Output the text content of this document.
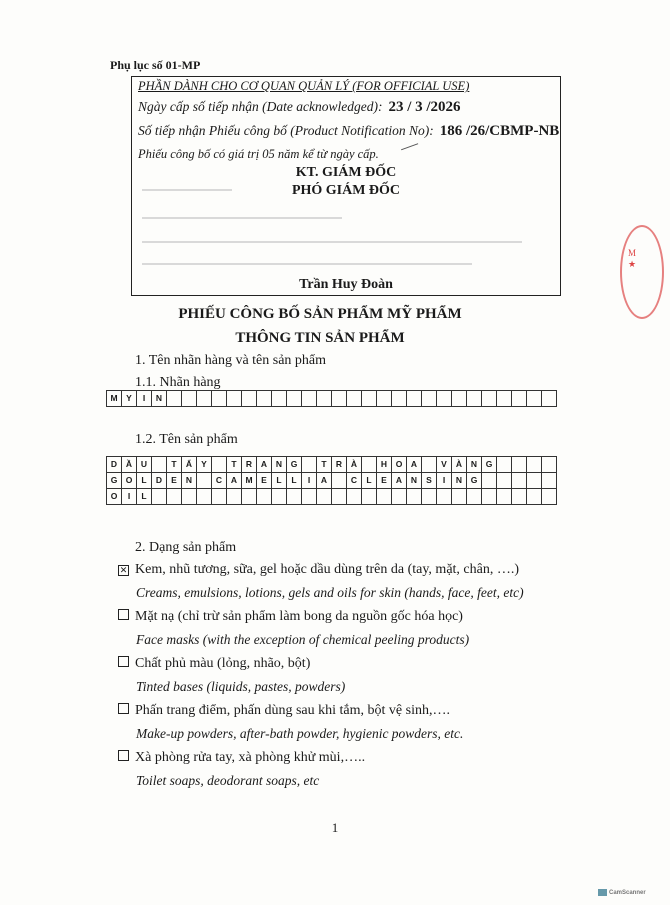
Phụ lục số 01-MP
PHẦN DÀNH CHO CƠ QUAN QUẢN LÝ (FOR OFFICIAL USE)
Ngày cấp số tiếp nhận (Date acknowledged): 23 / 3 /2026
Số tiếp nhận Phiếu công bố (Product Notification No): 186 /26/CBMP-NB
Phiếu công bố có giá trị 05 năm kể từ ngày cấp.
KT. GIÁM ĐỐC
PHÓ GIÁM ĐỐC
Trần Huy Đoàn
M ★
PHIẾU CÔNG BỐ SẢN PHẨM MỸ PHẨM
THÔNG TIN SẢN PHẨM
1. Tên nhãn hàng và tên sản phẩm
1.1. Nhãn hàng
M	Y	I	N																										
1.2. Tên sản phẩm
D	Ầ	U		T	Ẩ	Y		T	R	A	N	G		T	R	À		H	O	A		V	À	N	G				
G	O	L	D	E	N		C	A	M	E	L	L	I	A		C	L	E	A	N	S	I	N	G					
O	I	L																											
2. Dạng sản phẩm
✕ Kem, nhũ tương, sữa, gel hoặc dầu dùng trên da (tay, mặt, chân, ….)
Creams, emulsions, lotions, gels and oils for skin (hands, face, feet, etc)
Mặt nạ (chỉ trừ sản phẩm làm bong da nguồn gốc hóa học)
Face masks (with the exception of chemical peeling products)
Chất phủ màu (lỏng, nhão, bột)
Tinted bases (liquids, pastes, powders)
Phấn trang điểm, phấn dùng sau khi tắm, bột vệ sinh,….
Make-up powders, after-bath powder, hygienic powders, etc.
Xà phòng rửa tay, xà phòng khử mùi,…..
Toilet soaps, deodorant soaps, etc
1
CamScanner
